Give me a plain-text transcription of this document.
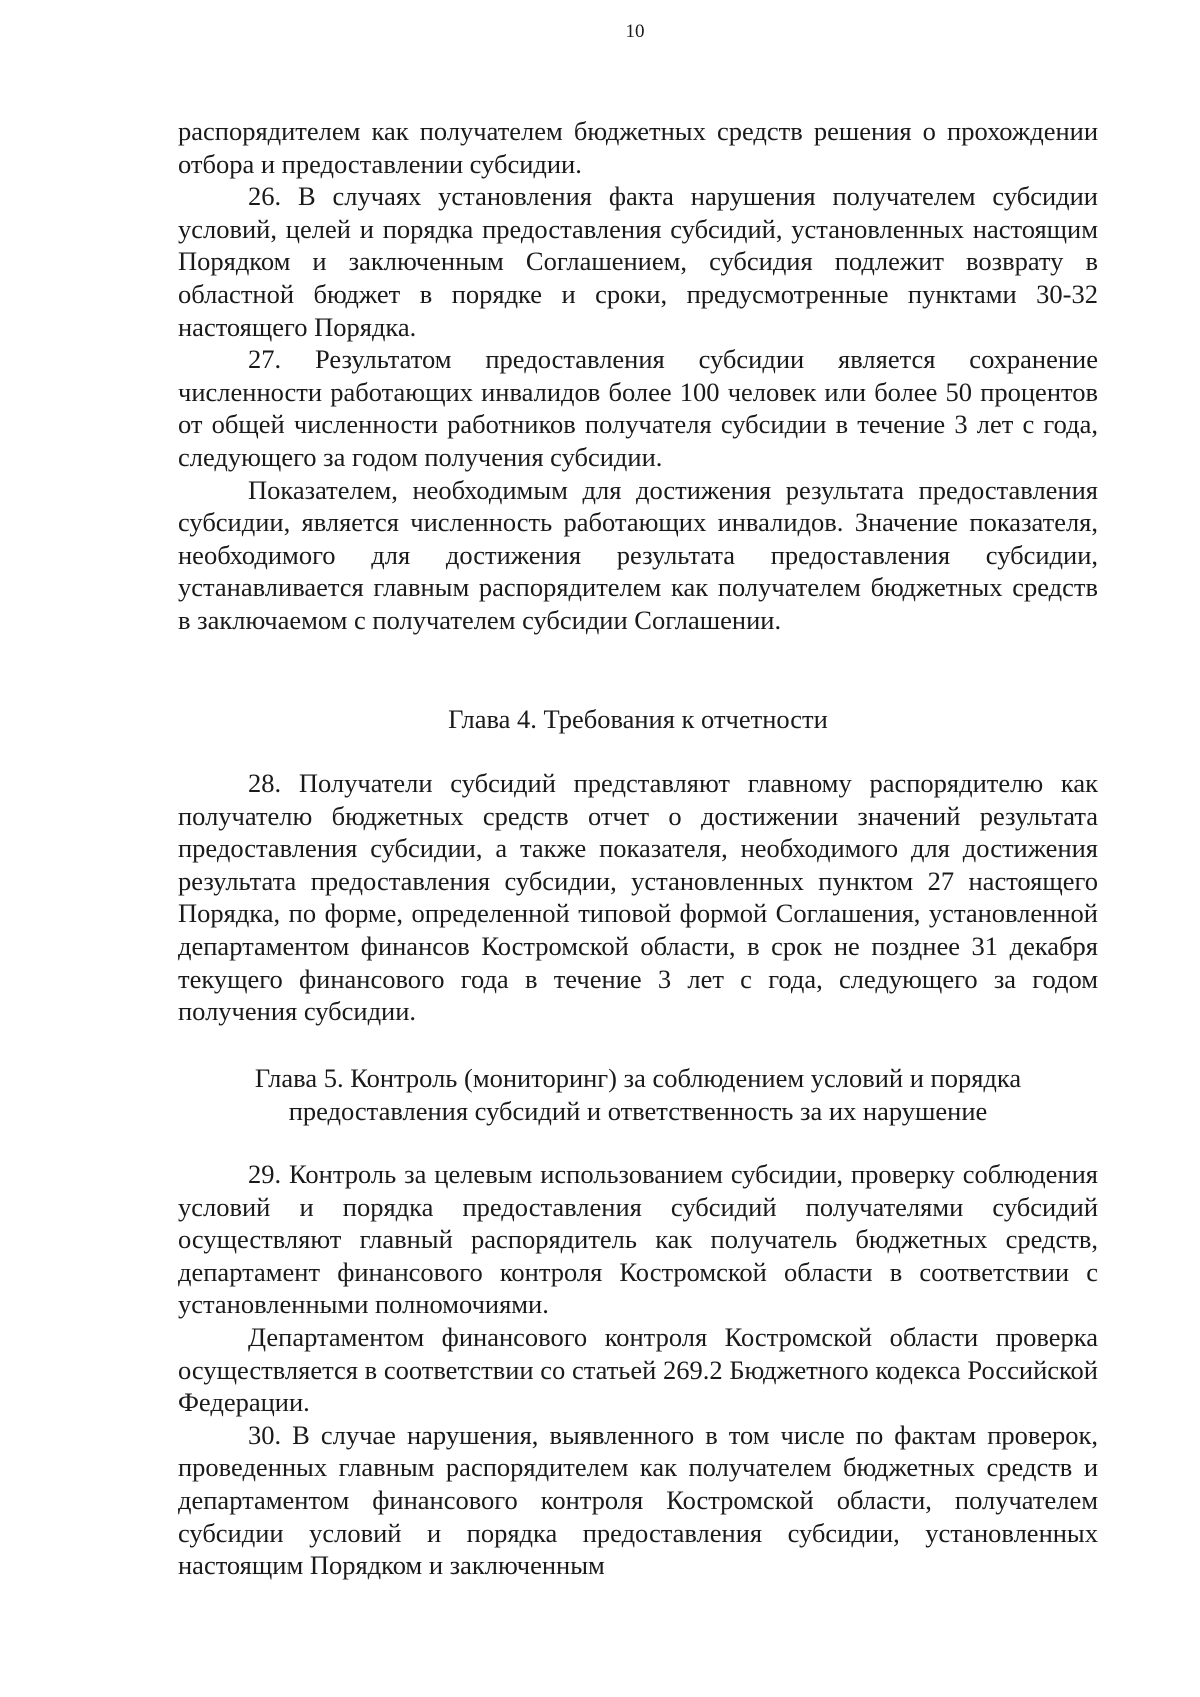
10

распорядителем как получателем бюджетных средств решения о прохождении отбора и предоставлении субсидии.

26. В случаях установления факта нарушения получателем субсидии условий, целей и порядка предоставления субсидий, установленных настоящим Порядком и заключенным Соглашением, субсидия подлежит возврату в областной бюджет в порядке и сроки, предусмотренные пунктами 30-32 настоящего Порядка.

27. Результатом предоставления субсидии является сохранение численности работающих инвалидов более 100 человек или более 50 процентов от общей численности работников получателя субсидии в течение 3 лет с года, следующего за годом получения субсидии.

Показателем, необходимым для достижения результата предоставления субсидии, является численность работающих инвалидов. Значение показателя, необходимого для достижения результата предоставления субсидии, устанавливается главным распорядителем как получателем бюджетных средств в заключаемом с получателем субсидии Соглашении.

Глава 4. Требования к отчетности

28. Получатели субсидий представляют главному распорядителю как получателю бюджетных средств отчет о достижении значений результата предоставления субсидии, а также показателя, необходимого для достижения результата предоставления субсидии, установленных пунктом 27 настоящего Порядка, по форме, определенной типовой формой Соглашения, установленной департаментом финансов Костромской области, в срок не позднее 31 декабря текущего финансового года в течение 3 лет с года, следующего за годом получения субсидии.

Глава 5. Контроль (мониторинг) за соблюдением условий и порядка

предоставления субсидий и ответственность за их нарушение

29. Контроль за целевым использованием субсидии, проверку соблюдения условий и порядка предоставления субсидий получателями субсидий осуществляют главный распорядитель как получатель бюджетных средств, департамент финансового контроля Костромской области в соответствии с установленными полномочиями.

Департаментом финансового контроля Костромской области проверка осуществляется в соответствии со статьей 269.2 Бюджетного кодекса Российской Федерации.

30. В случае нарушения, выявленного в том числе по фактам проверок, проведенных главным распорядителем как получателем бюджетных средств и департаментом финансового контроля Костромской области, получателем субсидии условий и порядка предоставления субсидии, установленных настоящим Порядком и заключенным
